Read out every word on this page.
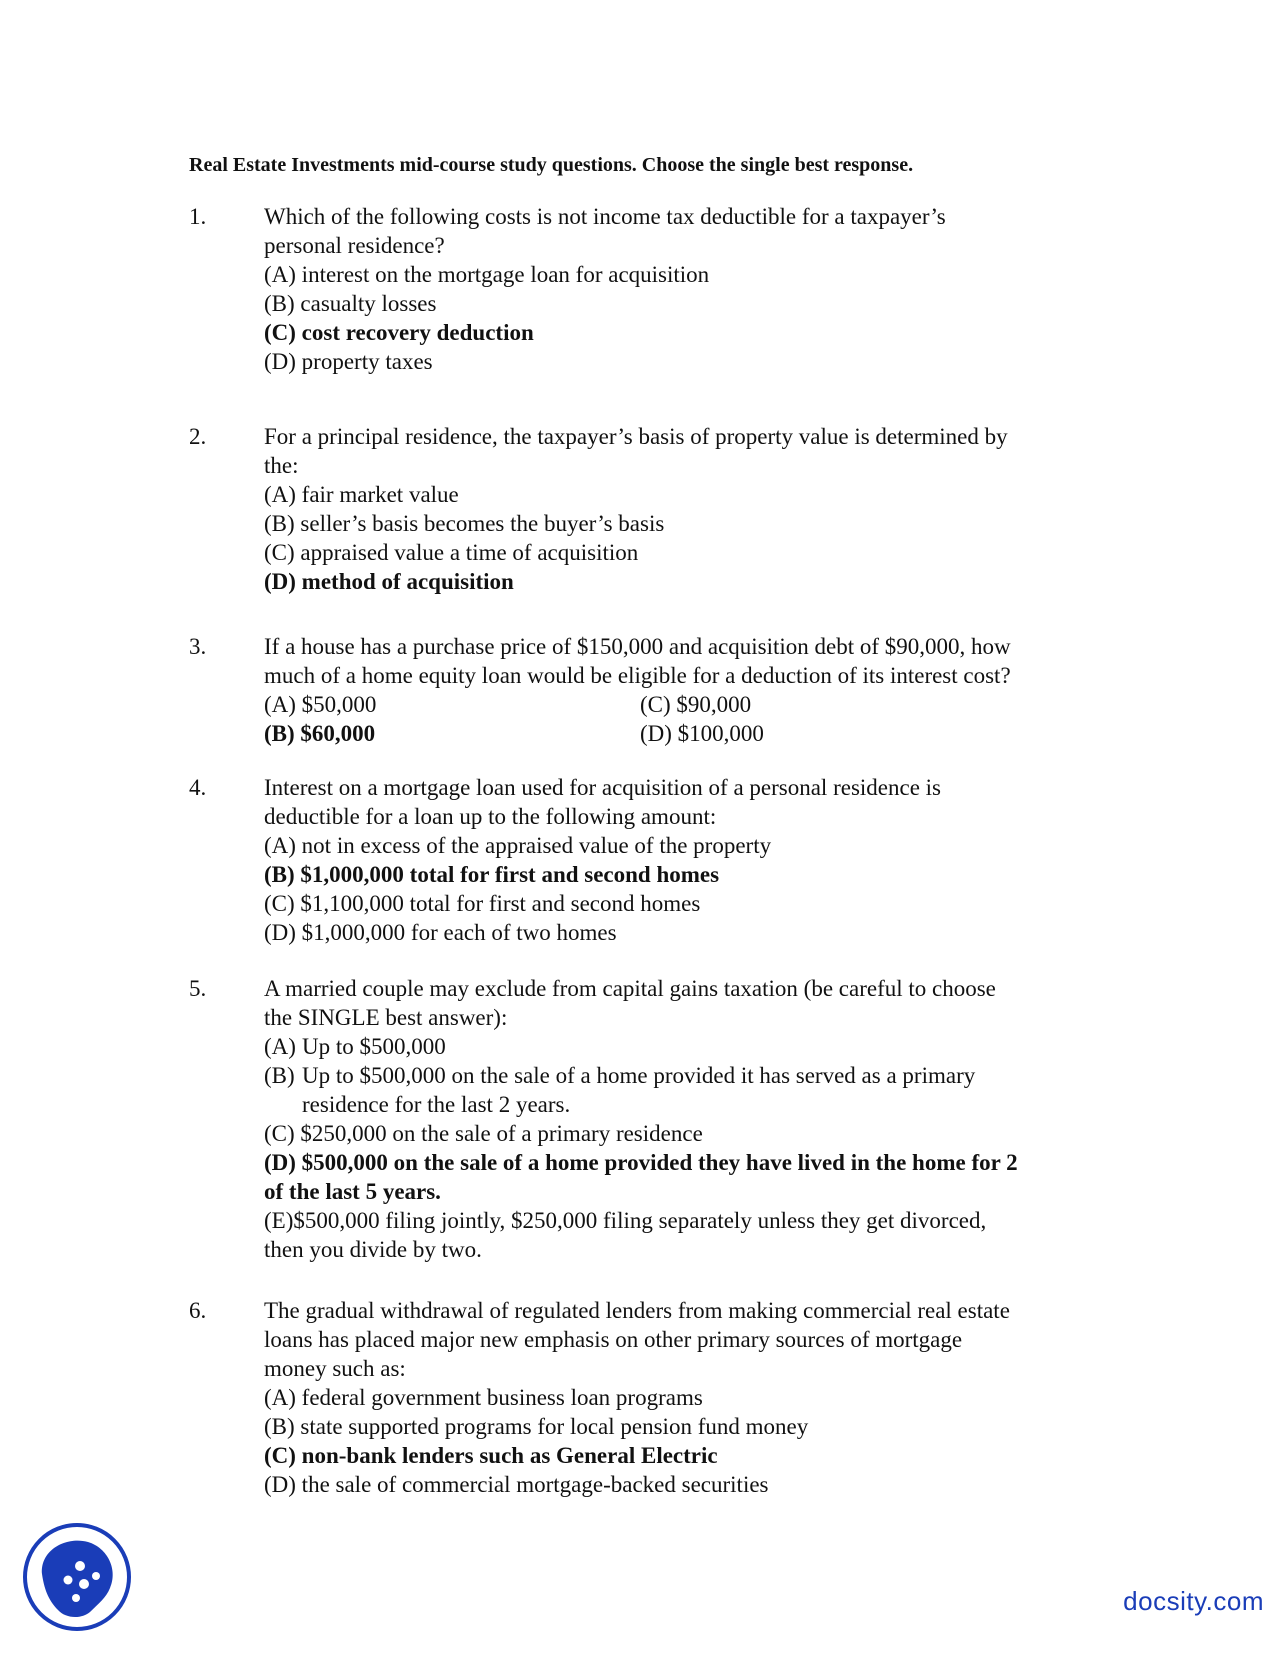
Real Estate Investments mid-course study questions. Choose the single best response.
1.	Which of the following costs is not income tax deductible for a taxpayer’s
personal residence?
(A) interest on the mortgage loan for acquisition
(B) casualty losses
(C) cost recovery deduction
(D) property taxes
2.	For a principal residence, the taxpayer’s basis of property value is determined by
the:
(A) fair market value
(B) seller’s basis becomes the buyer’s basis
(C) appraised value a time of acquisition
(D) method of acquisition
3.	If a house has a purchase price of $150,000 and acquisition debt of $90,000, how
much of a home equity loan would be eligible for a deduction of its interest cost?
(A) $50,000	(C) $90,000
(B) $60,000	(D) $100,000
4.	Interest on a mortgage loan used for acquisition of a personal residence is
deductible for a loan up to the following amount:
(A) not in excess of the appraised value of the property
(B) $1,000,000 total for first and second homes
(C) $1,100,000 total for first and second homes
(D) $1,000,000 for each of two homes
5.	A married couple may exclude from capital gains taxation (be careful to choose
the SINGLE best answer):
(A) Up to $500,000
(B) Up to $500,000 on the sale of a home provided it has served as a primary
residence for the last 2 years.
(C) $250,000 on the sale of a primary residence
(D) $500,000 on the sale of a home provided they have lived in the home for 2
of the last 5 years.
(E)$500,000 filing jointly, $250,000 filing separately unless they get divorced,
then you divide by two.
6.	The gradual withdrawal of regulated lenders from making commercial real estate
loans has placed major new emphasis on other primary sources of mortgage
money such as:
(A) federal government business loan programs
(B) state supported programs for local pension fund money
(C) non-bank lenders such as General Electric
(D) the sale of commercial mortgage-backed securities
docsity.com
